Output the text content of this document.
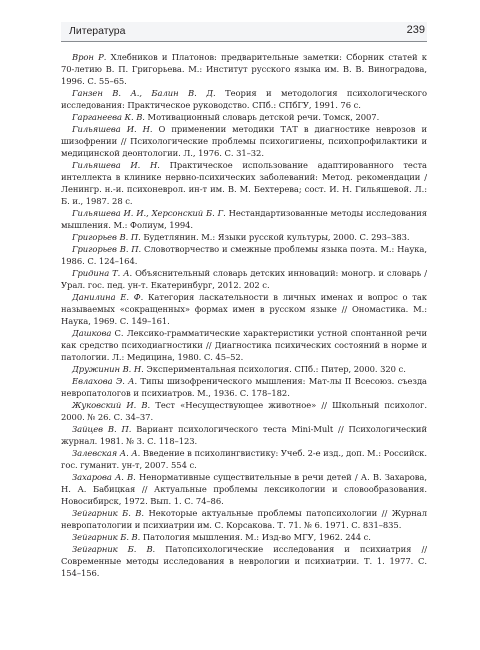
Литература	239

Врон Р. Хлебников и Платонов: предварительные заметки: Сборник статей к 70-летию В. П. Григорьева. М.: Институт русского языка им. В. В. Виноградова, 1996. С. 55–65.

Ганзен В. А., Балин В. Д. Теория и методология психологического исследования: Практическое руководство. СПб.: СПбГУ, 1991. 76 с.

Гарганеева К. В. Мотивационный словарь детской речи. Томск, 2007.

Гильяшева И. Н. О применении методики ТАТ в диагностике неврозов и шизофрении // Психологические проблемы психогигиены, психопрофилактики и медицинской деонтологии. Л., 1976. С. 31–32.

Гильяшева И. Н. Практическое использование адаптированного теста интеллекта в клинике нервно-психических заболеваний: Метод. рекомендации / Ленингр. н.-и. психоневрол. ин-т им. В. М. Бехтерева; сост. И. Н. Гильяшевой. Л.: Б. и., 1987. 28 с.

Гильяшева И. И., Херсонский Б. Г. Нестандартизованные методы исследования мышления. М.: Фолиум, 1994.

Григорьев В. П. Будетлянин. М.: Языки русской культуры, 2000. С. 293–383.

Григорьев В. П. Словотворчество и смежные проблемы языка поэта. М.: Наука, 1986. С. 124–164.

Гридина Т. А. Объяснительный словарь детских инноваций: моногр. и словарь / Урал. гос. пед. ун-т. Екатеринбург, 2012. 202 с.

Данилина Е. Ф. Категория ласкательности в личных именах и вопрос о так называемых «сокращенных» формах имен в русском языке // Ономастика. М.: Наука, 1969. С. 149–161.

Дашкова С. Лексико-грамматические характеристики устной спонтанной речи как средство психодиагностики // Диагностика психических состояний в норме и патологии. Л.: Медицина, 1980. С. 45–52.

Дружинин В. Н. Экспериментальная психология. СПб.: Питер, 2000. 320 с.

Евлахова Э. А. Типы шизофренического мышления: Мат-лы II Всесоюз. съезда невропатологов и психиатров. М., 1936. С. 178–182.

Жуковский И. В. Тест «Несуществующее животное» // Школьный психолог. 2000. № 26. С. 34–37.

Зайцев В. П. Вариант психологического теста Mini-Mult // Психологический журнал. 1981. № 3. С. 118–123.

Залевская А. А. Введение в психолингвистику: Учеб. 2-е изд., доп. М.: Российск. гос. гуманит. ун-т, 2007. 554 с.

Захарова А. В. Ненормативные существительные в речи детей / А. В. Захарова, Н. А. Бабицкая // Актуальные проблемы лексикологии и словообразования. Новосибирск, 1972. Вып. 1. С. 74–86.

Зейгарник Б. В. Некоторые актуальные проблемы патопсихологии // Журнал невропатологии и психиатрии им. С. Корсакова. Т. 71. № 6. 1971. С. 831–835.

Зейгарник Б. В. Патология мышления. М.: Изд-во МГУ, 1962. 244 с.

Зейгарник Б. В. Патопсихологические исследования и психиатрия // Современные методы исследования в неврологии и психиатрии. Т. 1. 1977. С. 154–156.
